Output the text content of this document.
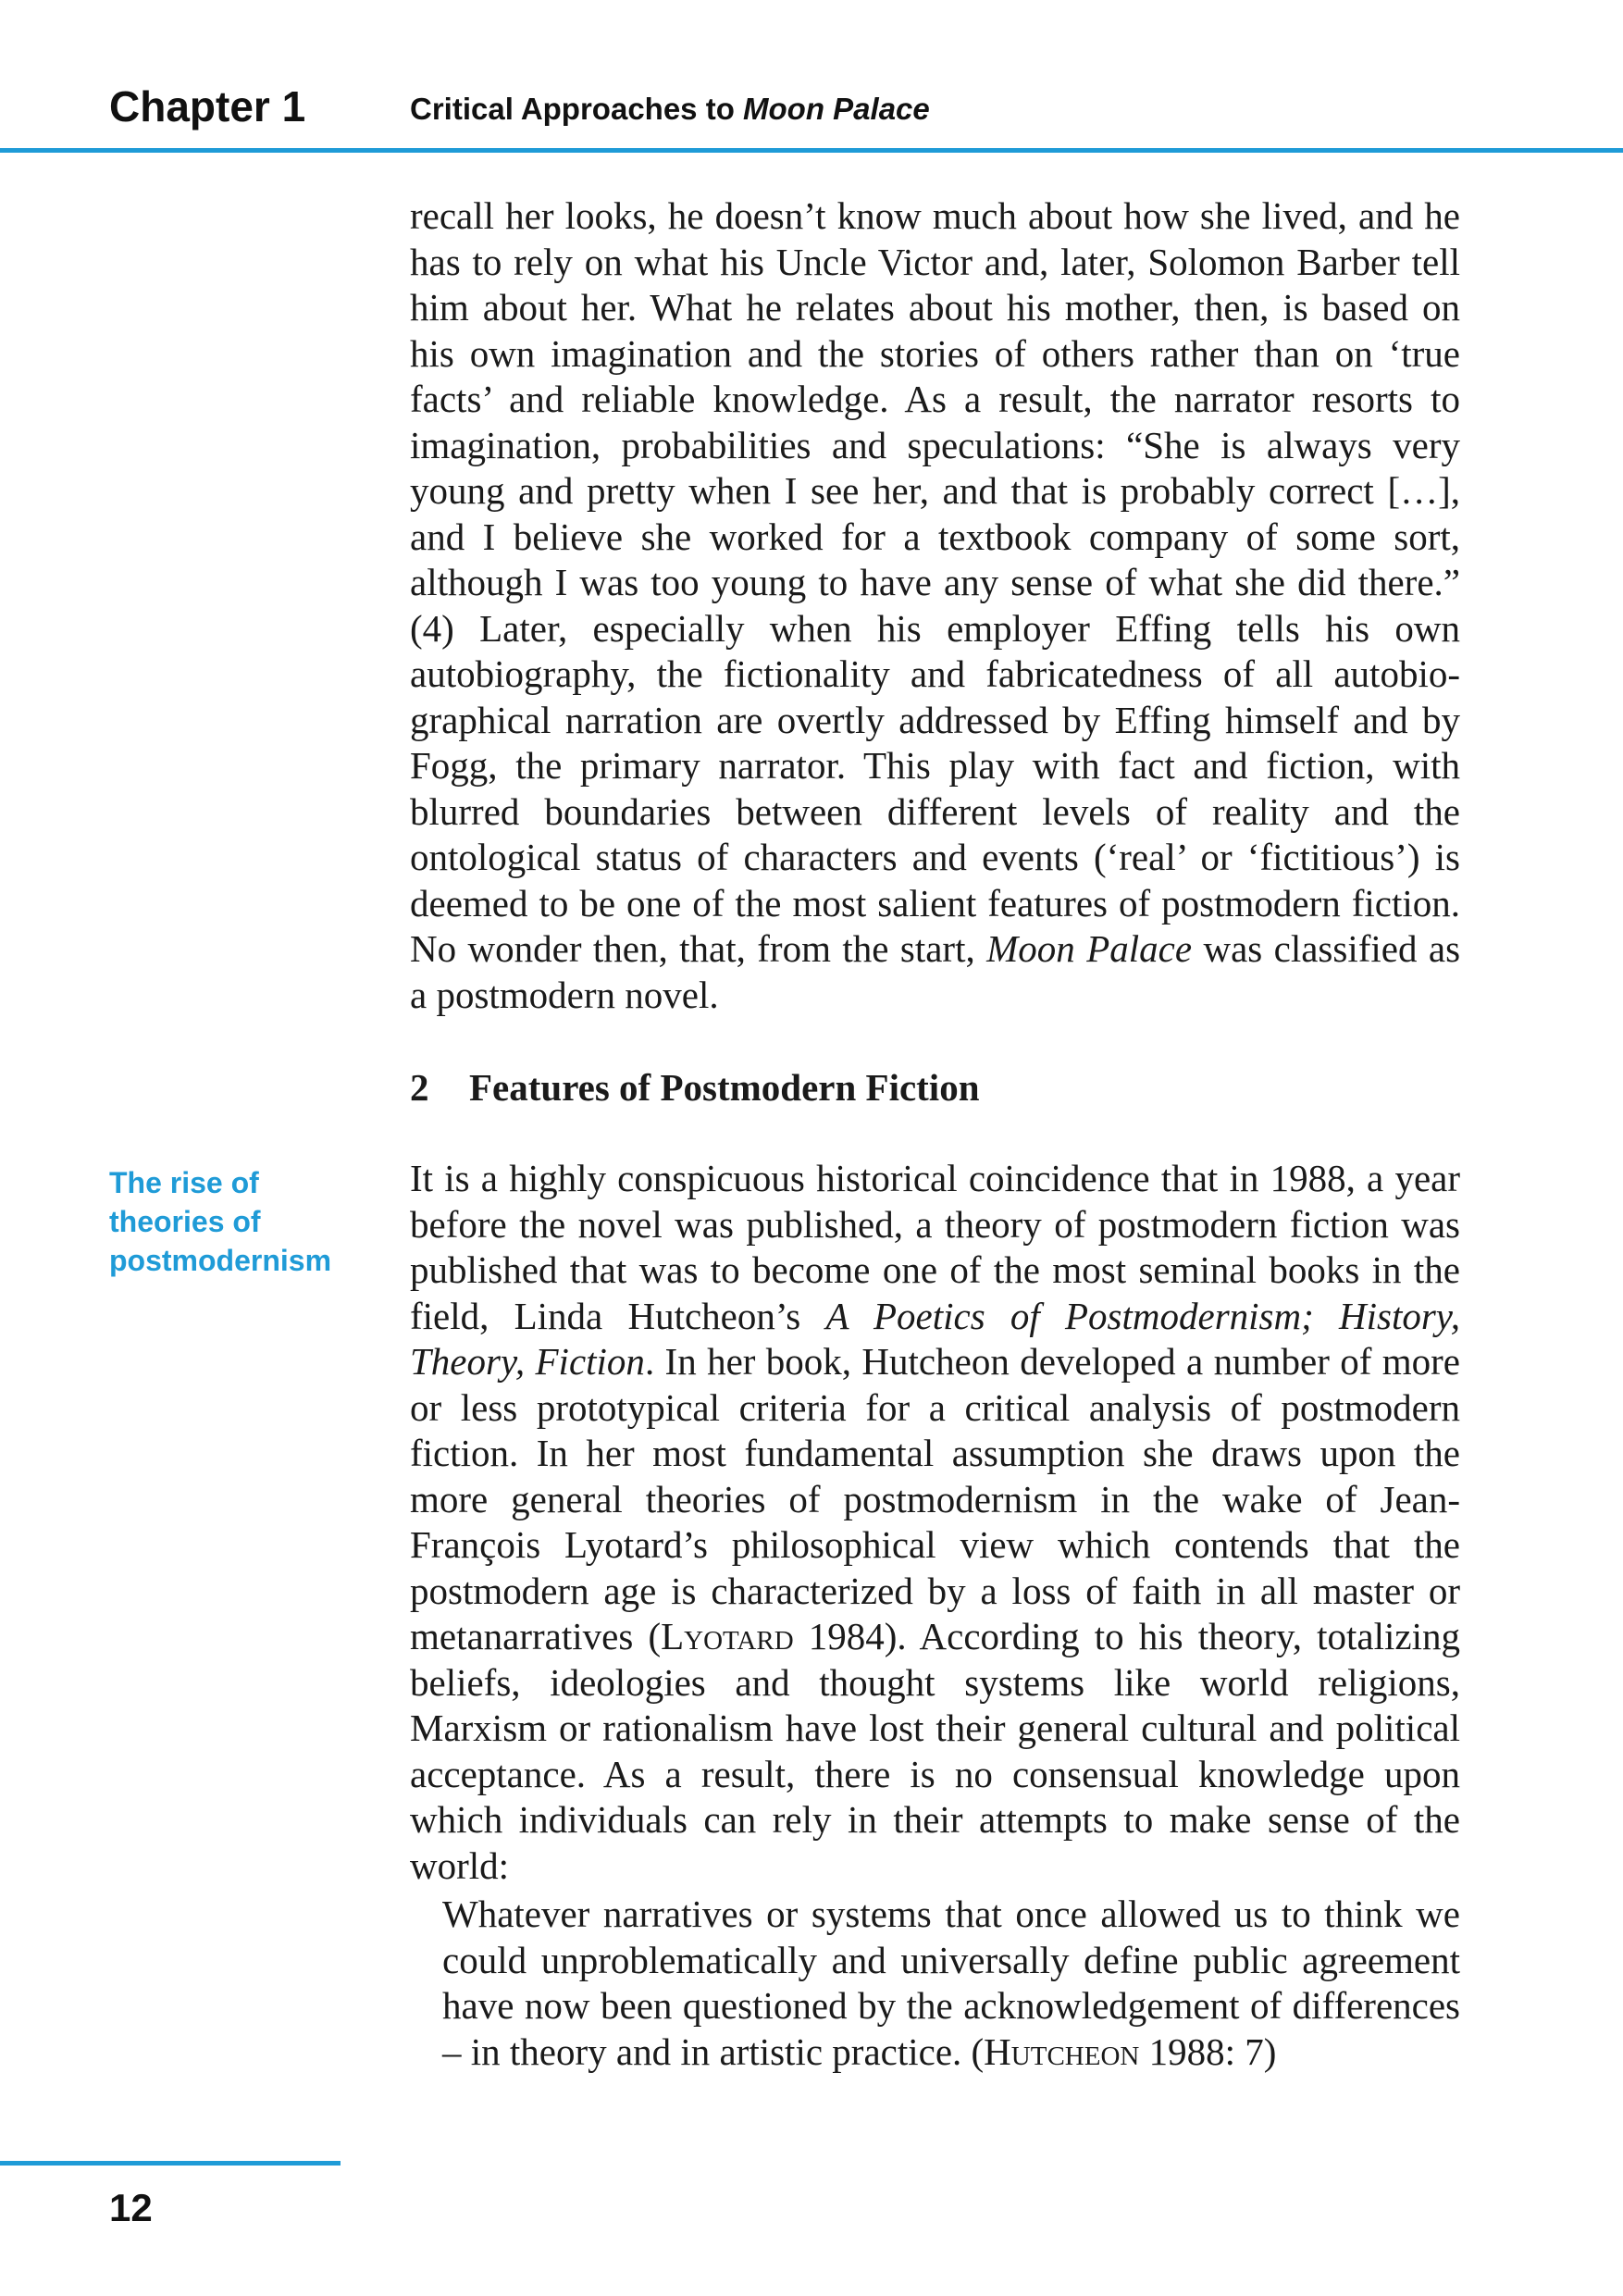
Chapter 1	Critical Approaches to Moon Palace

recall her looks, he doesn’t know much about how she lived, and he has to rely on what his Uncle Victor and, later, Solomon Barber tell him about her. What he relates about his mother, then, is based on his own imagination and the stories of others rather than on ‘true facts’ and reliable knowledge. As a result, the narrator resorts to imagination, probabilities and speculations: “She is always very young and pretty when I see her, and that is probably correct […], and I believe she worked for a textbook company of some sort, although I was too young to have any sense of what she did there.” (4) Later, especially when his employer Effing tells his own autobiography, the fictionality and fabricatedness of all autobiographical narration are overtly addressed by Effing himself and by Fogg, the primary narrator. This play with fact and fiction, with blurred boundaries between different levels of reality and the ontological status of characters and events (‘real’ or ‘fictitious’) is deemed to be one of the most salient features of postmodern fiction. No wonder then, that, from the start, Moon Palace was classified as a postmodern novel.

2 Features of Postmodern Fiction
The rise of
theories of
postmodernism

It is a highly conspicuous historical coincidence that in 1988, a year before the novel was published, a theory of postmodern fiction was published that was to become one of the most seminal books in the field, Linda Hutcheon’s A Poetics of Postmodernism; History, Theory, Fiction. In her book, Hutcheon developed a number of more or less prototypical criteria for a critical analysis of postmodern fiction. In her most fundamental assumption she draws upon the more general theories of postmodernism in the wake of Jean-François Lyotard’s philosophical view which contends that the postmodern age is characterized by a loss of faith in all master or metanarratives (Lyotard 1984). According to his theory, totalizing beliefs, ideologies and thought systems like world religions, Marxism or rationalism have lost their general cultural and political acceptance. As a result, there is no consensual knowledge upon which individuals can rely in their attempts to make sense of the world:

Whatever narratives or systems that once allowed us to think we could unproblematically and universally define public agreement have now been questioned by the acknowledgement of differences – in theory and in artistic practice. (Hutcheon 1988: 7)

12
